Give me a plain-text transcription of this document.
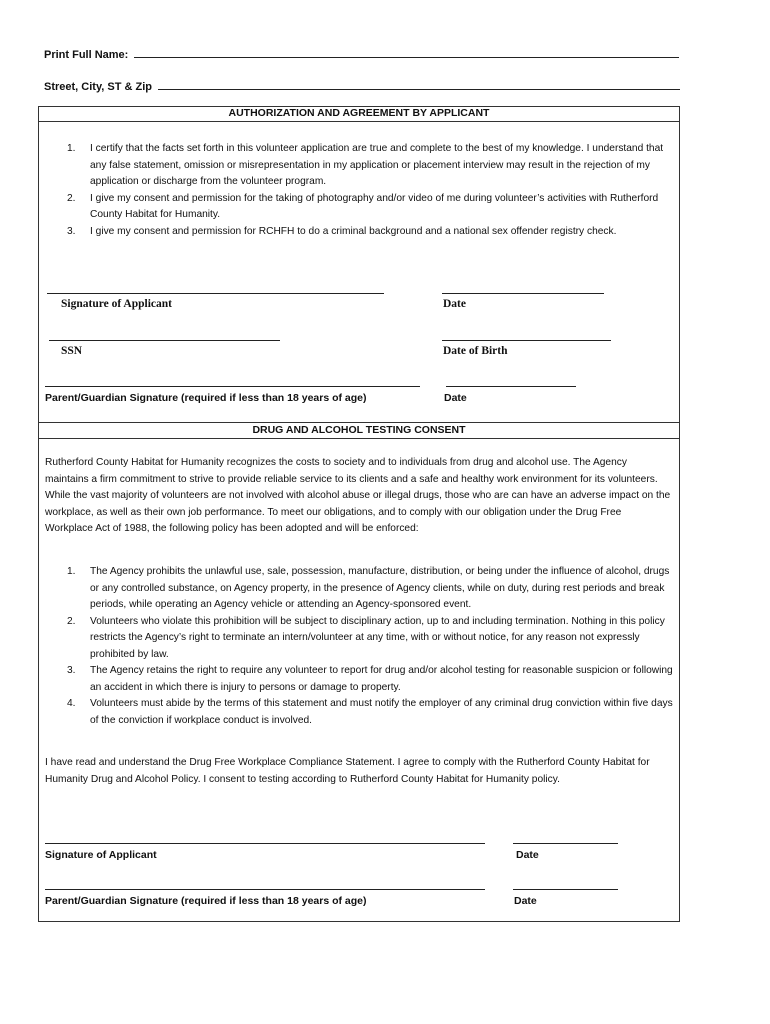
Print Full Name:
Street, City, ST & Zip
AUTHORIZATION AND AGREEMENT BY APPLICANT
1. I certify that the facts set forth in this volunteer application are true and complete to the best of my knowledge. I understand that any false statement, omission or misrepresentation in my application or placement interview may result in the rejection of my application or discharge from the volunteer program.
2. I give my consent and permission for the taking of photography and/or video of me during volunteer’s activities with Rutherford County Habitat for Humanity.
3. I give my consent and permission for RCHFH to do a criminal background and a national sex offender registry check.
Signature of Applicant	Date
SSN	Date of Birth
Parent/Guardian Signature (required if less than 18 years of age)	Date
DRUG AND ALCOHOL TESTING CONSENT
Rutherford County Habitat for Humanity recognizes the costs to society and to individuals from drug and alcohol use. The Agency maintains a firm commitment to strive to provide reliable service to its clients and a safe and healthy work environment for its volunteers. While the vast majority of volunteers are not involved with alcohol abuse or illegal drugs, those who are can have an adverse impact on the workplace, as well as their own job performance. To meet our obligations, and to comply with our obligation under the Drug Free Workplace Act of 1988, the following policy has been adopted and will be enforced:
1. The Agency prohibits the unlawful use, sale, possession, manufacture, distribution, or being under the influence of alcohol, drugs or any controlled substance, on Agency property, in the presence of Agency clients, while on duty, during rest periods and break periods, while operating an Agency vehicle or attending an Agency-sponsored event.
2. Volunteers who violate this prohibition will be subject to disciplinary action, up to and including termination. Nothing in this policy restricts the Agency’s right to terminate an intern/volunteer at any time, with or without notice, for any reason not expressly prohibited by law.
3. The Agency retains the right to require any volunteer to report for drug and/or alcohol testing for reasonable suspicion or following an accident in which there is injury to persons or damage to property.
4. Volunteers must abide by the terms of this statement and must notify the employer of any criminal drug conviction within five days of the conviction if workplace conduct is involved.
I have read and understand the Drug Free Workplace Compliance Statement. I agree to comply with the Rutherford County Habitat for Humanity Drug and Alcohol Policy. I consent to testing according to Rutherford County Habitat for Humanity policy.
Signature of Applicant	Date
Parent/Guardian Signature (required if less than 18 years of age)	Date
